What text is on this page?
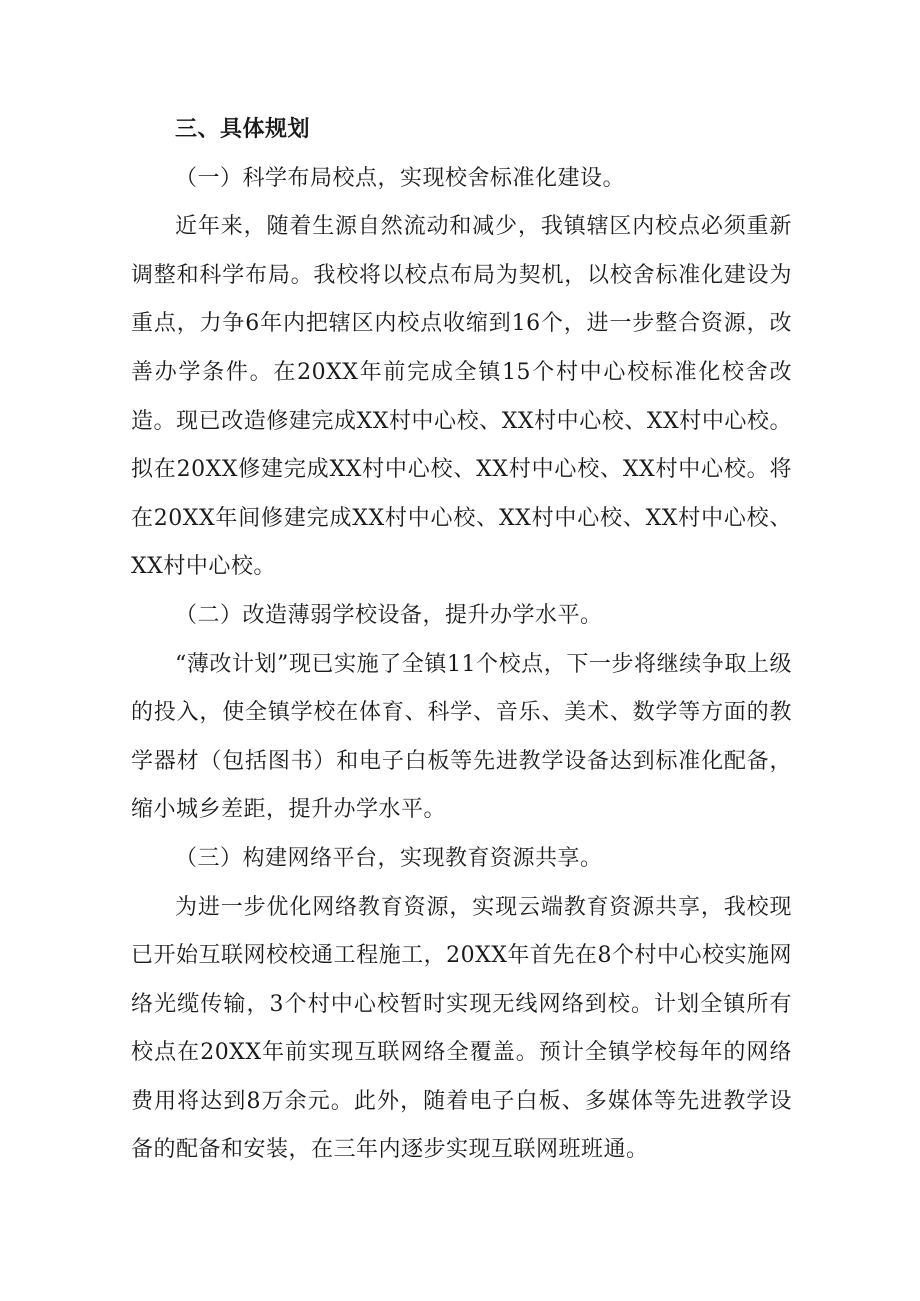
三、具体规划

（一）科学布局校点，实现校舍标准化建设。

近年来，随着生源自然流动和减少，我镇辖区内校点必须重新调整和科学布局。我校将以校点布局为契机，以校舍标准化建设为重点，力争6年内把辖区内校点收缩到16个，进一步整合资源，改善办学条件。在20XX年前完成全镇15个村中心校标准化校舍改造。现已改造修建完成XX村中心校、XX村中心校、XX村中心校。拟在20XX修建完成XX村中心校、XX村中心校、XX村中心校。将在20XX年间修建完成XX村中心校、XX村中心校、XX村中心校、XX村中心校。

（二）改造薄弱学校设备，提升办学水平。

“薄改计划”现已实施了全镇11个校点，下一步将继续争取上级的投入，使全镇学校在体育、科学、音乐、美术、数学等方面的教学器材（包括图书）和电子白板等先进教学设备达到标准化配备，缩小城乡差距，提升办学水平。

（三）构建网络平台，实现教育资源共享。

为进一步优化网络教育资源，实现云端教育资源共享，我校现已开始互联网校校通工程施工，20XX年首先在8个村中心校实施网络光缆传输，3个村中心校暂时实现无线网络到校。计划全镇所有校点在20XX年前实现互联网络全覆盖。预计全镇学校每年的网络费用将达到8万余元。此外，随着电子白板、多媒体等先进教学设备的配备和安装，在三年内逐步实现互联网班班通。
